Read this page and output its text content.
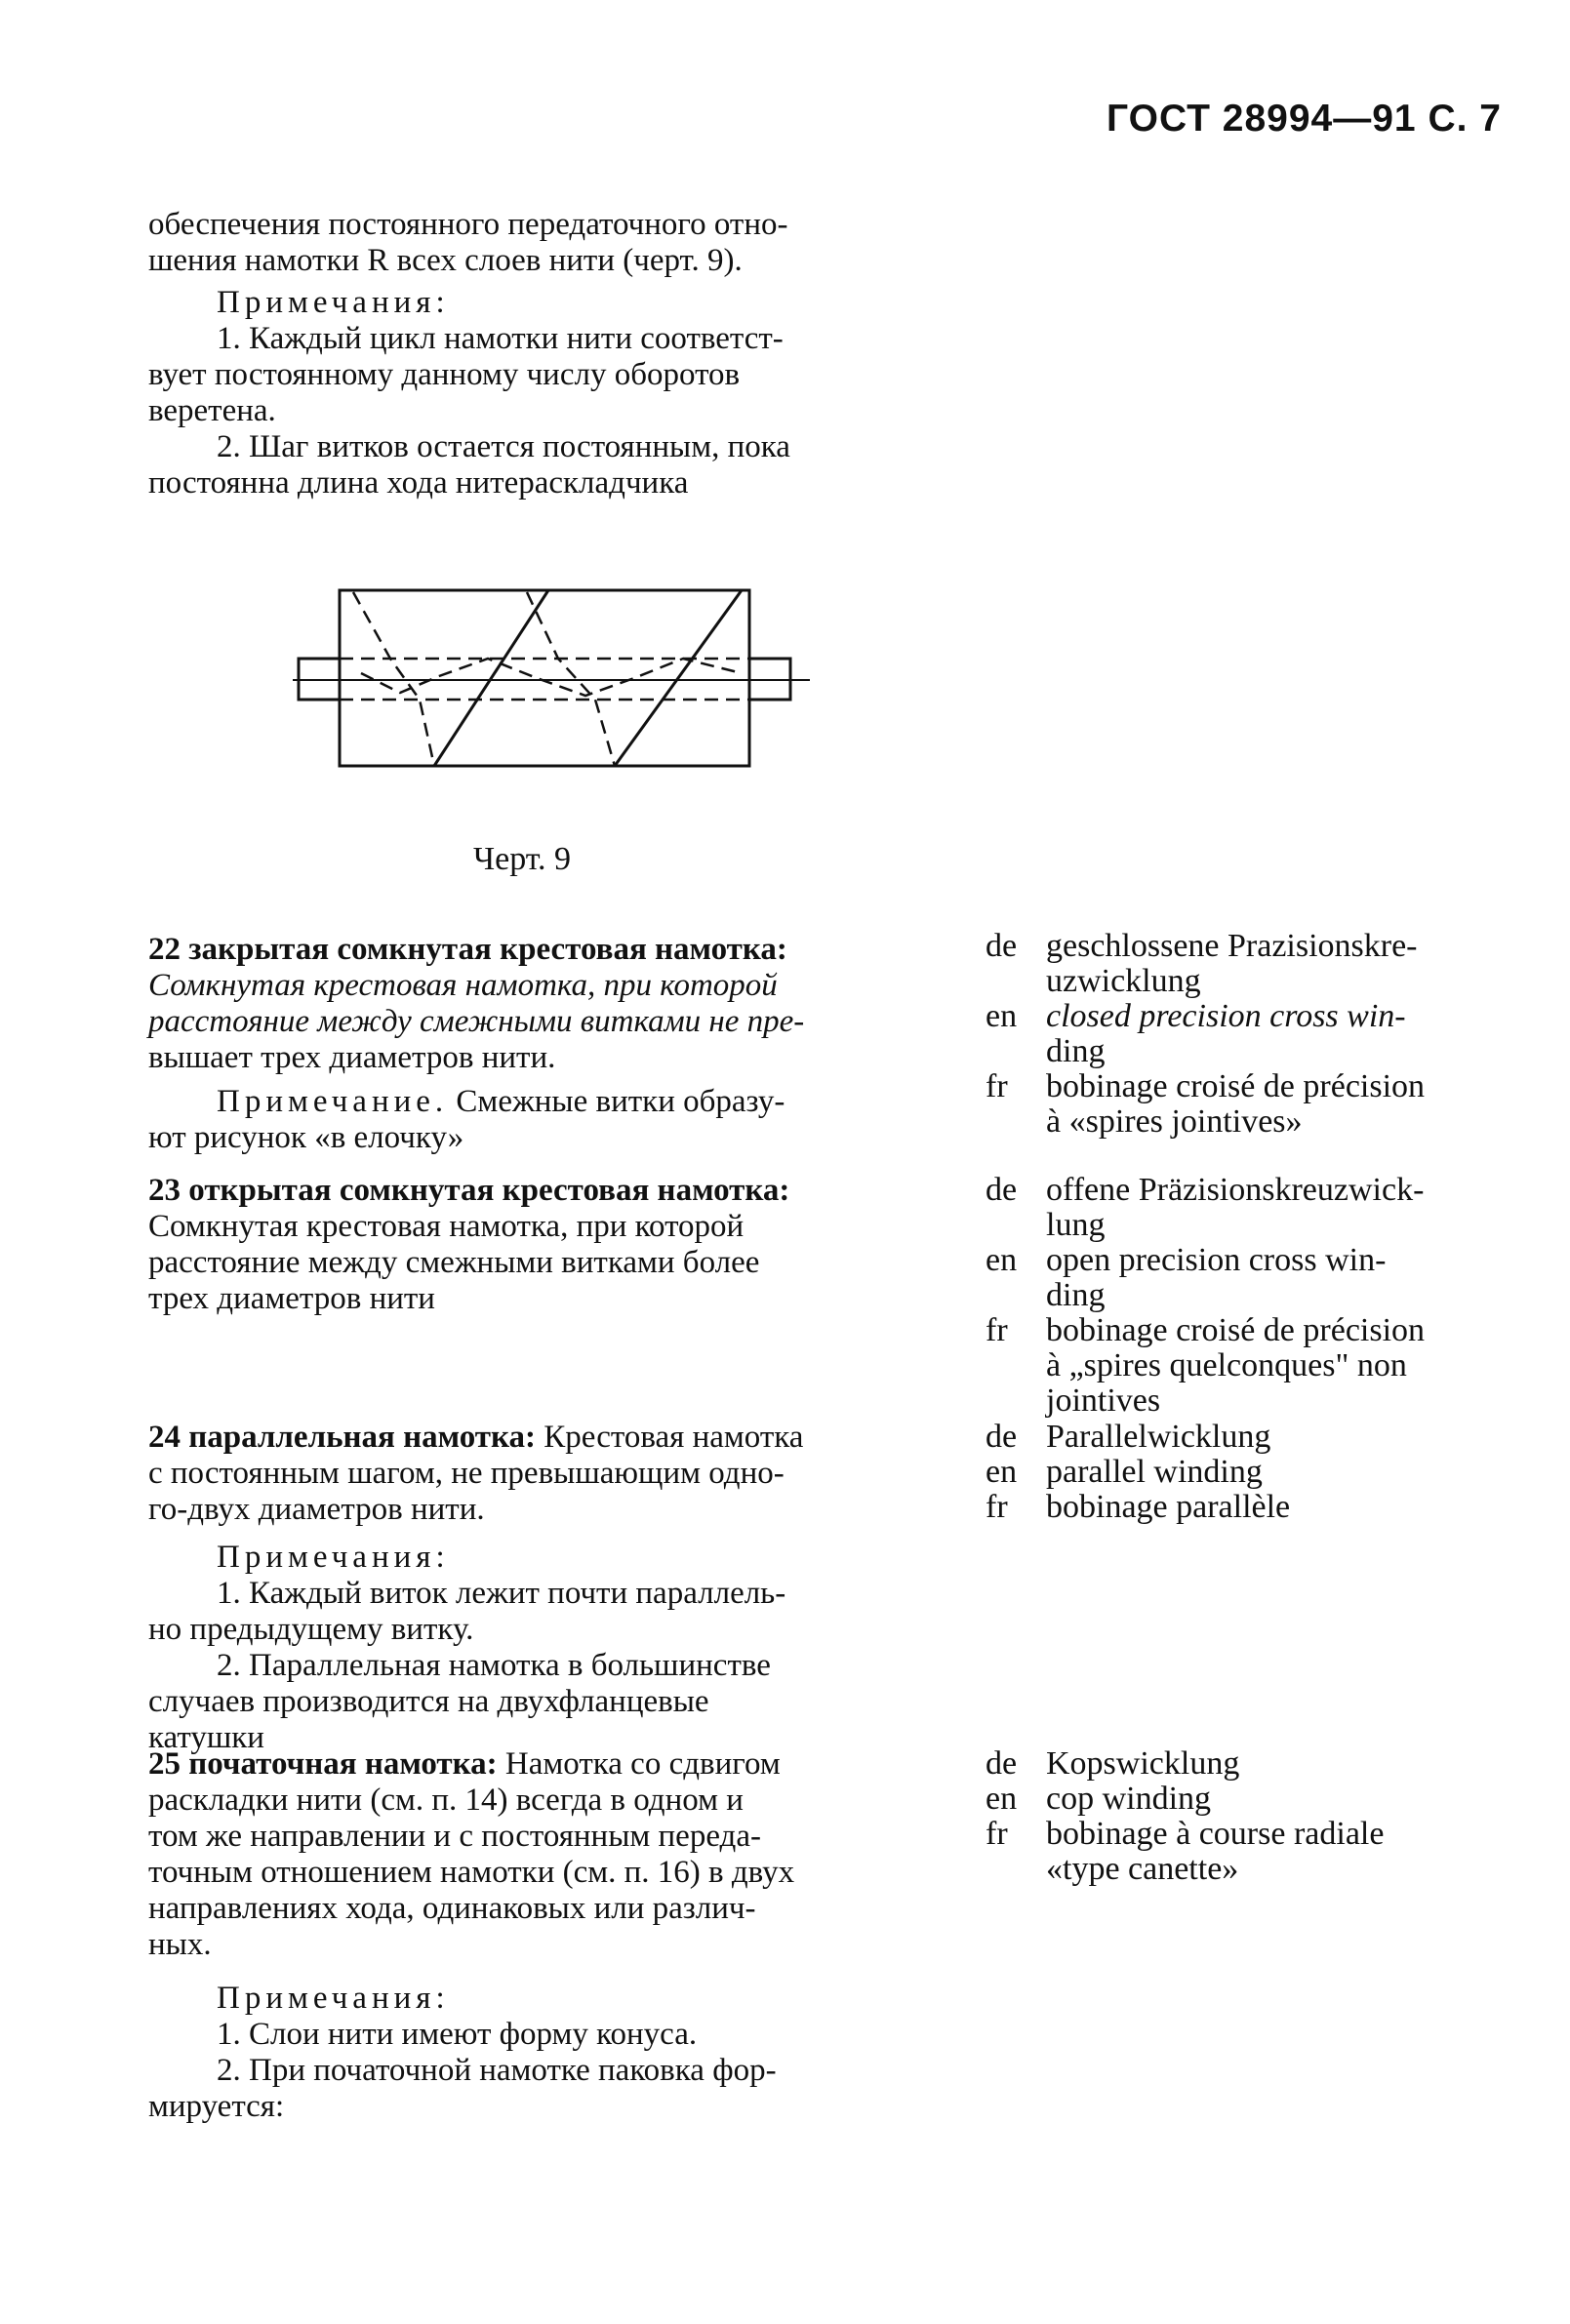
ГОСТ 28994—91 С. 7

обеспечения постоянного передаточного отно-

шения намотки R всех слоев нити (черт. 9).

Примечания:

1. Каждый цикл намотки нити соответст-

вует постоянному данному числу оборотов

веретена.

2. Шаг витков остается постоянным, пока

постоянна длина хода нитераскладчика

Черт. 9

22 закрытая сомкнутая крестовая намотка:

Сомкнутая крестовая намотка, при которой

расстояние между смежными витками не пре-

вышает трех диаметров нити.

Примечание. Смежные витки образу-

ют рисунок «в елочку»

de geschlossene Prazisionskre-
uzwicklung
en closed precision cross win-
ding
fr	bobinage croisé de précision
à «spires jointives»

23 открытая сомкнутая крестовая намотка:

Сомкнутая крестовая намотка, при которой

расстояние между смежными витками более

трех диаметров нити

de offene Präzisionskreuzwick-
lung
en open precision cross win-
ding
fr	bobinage croisé de précision
à „spires quelconques" non
jointives

24 параллельная намотка: Крестовая намотка

с постоянным шагом, не превышающим одно-

го-двух диаметров нити.

Примечания:

1. Каждый виток лежит почти параллель-

но предыдущему витку.

2. Параллельная намотка в большинстве

случаев производится на двухфланцевые

катушки

de Parallelwicklung
en parallel winding
fr	bobinage parallèle

25 початочная намотка: Намотка со сдвигом

раскладки нити (см. п. 14) всегда в одном и

том же направлении и с постоянным переда-

точным отношением намотки (см. п. 16) в двух

направлениях хода, одинаковых или различ-

ных.

Примечания:

1. Слои нити имеют форму конуса.

2. При початочной намотке паковка фор-

мируется:

de Kopswicklung
en cop winding
fr	bobinage à course radiale
«type canette»
